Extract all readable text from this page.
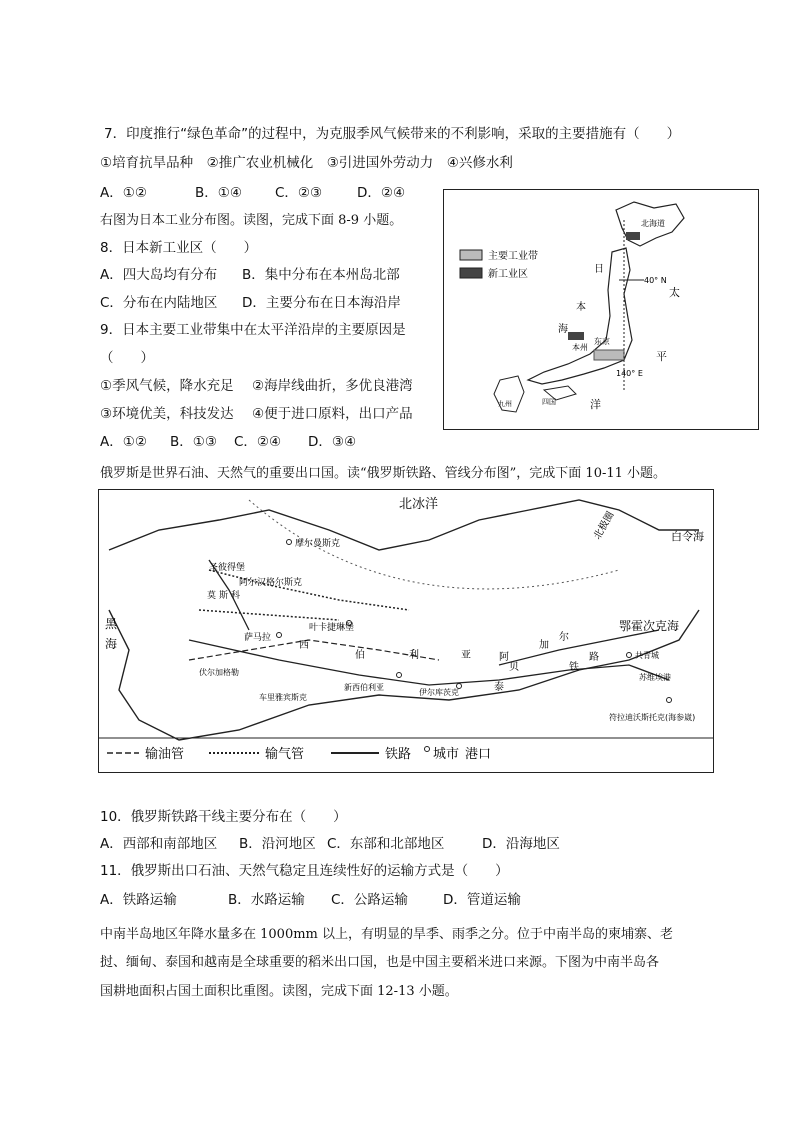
7．印度推行“绿色革命”的过程中，为克服季风气候带来的不利影响，采取的主要措施有（　　）
①培育抗旱品种　②推广农业机械化　③引进国外劳动力　④兴修水利
A．①②	B．①④ C．②③	D．②④
右图为日本工业分布图。读图，完成下面 8-9 小题。
8．日本新工业区（　　）
A．四大岛均有分布 B．集中分布在本州岛北部
C．分布在内陆地区 D．主要分布在日本海沿岸
9．日本主要工业带集中在太平洋沿岸的主要原因是
（　　）
①季风气候，降水充足 ②海岸线曲折，多优良港湾
③环境优美，科技发达 ④便于进口原料，出口产品
A．①② B．①③ C．②④ D．③④
主要工业带
新工业区
北海道
日
本
海
太
平
洋
40° N
140° E
东京
本州
九州	四国
俄罗斯是世界石油、天然气的重要出口国。读“俄罗斯铁路、管线分布图”，完成下面 10-11 小题。
北冰洋
北极圈	白令海
鄂霍次克海
黑
海
摩尔曼斯克
圣彼得堡
阿尔汉格尔斯克
莫 斯 科
萨马拉
叶卡捷琳堡
西
伯	利	亚
新西伯利亚
伊尔库茨克	泰
贝
阿
加
尔
铁
路	共青城
苏维埃港
符拉迪沃斯托克(海参崴)
伏尔加格勒
车里雅宾斯克
输油管	输气管	铁路 城市 港口
10．俄罗斯铁路干线主要分布在（　　）
A．西部和南部地区 B．沿河地区 C．东部和北部地区	D．沿海地区
11．俄罗斯出口石油、天然气稳定且连续性好的运输方式是（　　）
A．铁路运输	B．水路运输 C．公路运输	D．管道运输
中南半岛地区年降水量多在 1000mm 以上，有明显的旱季、雨季之分。位于中南半岛的柬埔寨、老
挝、缅甸、泰国和越南是全球重要的稻米出口国，也是中国主要稻米进口来源。下图为中南半岛各
国耕地面积占国土面积比重图。读图，完成下面 12-13 小题。
